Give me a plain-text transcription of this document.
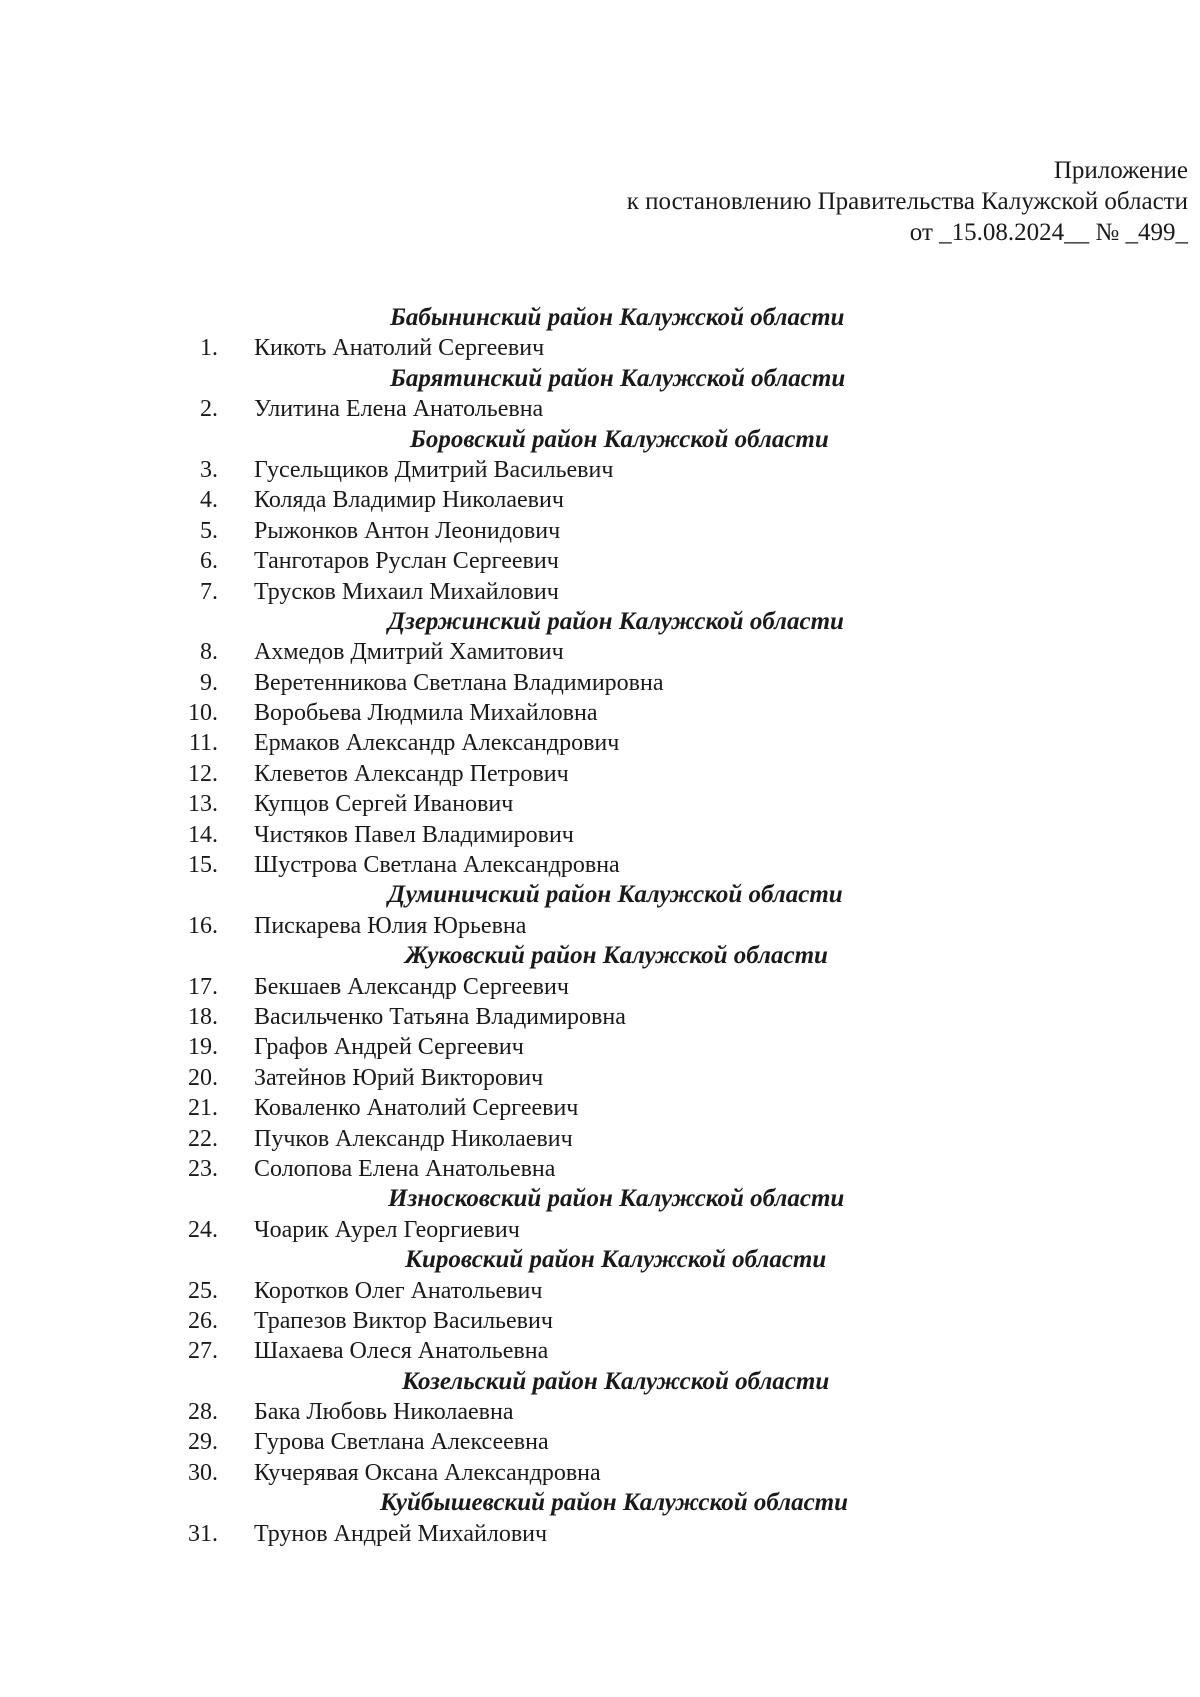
Приложение
к постановлению Правительства Калужской области
от _15.08.2024__ № _499_
Бабынинский район Калужской области
1. Кикоть Анатолий Сергеевич
Барятинский район Калужской области
2. Улитина Елена Анатольевна
Боровский район Калужской области
3. Гусельщиков Дмитрий Васильевич
4. Коляда Владимир Николаевич
5. Рыжонков Антон Леонидович
6. Танготаров Руслан Сергеевич
7. Трусков Михаил Михайлович
Дзержинский район Калужской области
8. Ахмедов Дмитрий Хамитович
9. Веретенникова Светлана Владимировна
10. Воробьева Людмила Михайловна
11. Ермаков Александр Александрович
12. Клеветов Александр Петрович
13. Купцов Сергей Иванович
14. Чистяков Павел Владимирович
15. Шустрова Светлана Александровна
Думиничский район Калужской области
16. Пискарева Юлия Юрьевна
Жуковский район Калужской области
17. Бекшаев Александр Сергеевич
18. Васильченко Татьяна Владимировна
19. Графов Андрей Сергеевич
20. Затейнов Юрий Викторович
21. Коваленко Анатолий Сергеевич
22. Пучков Александр Николаевич
23. Солопова Елена Анатольевна
Износковский район Калужской области
24. Чоарик Аурел Георгиевич
Кировский район Калужской области
25. Коротков Олег Анатольевич
26. Трапезов Виктор Васильевич
27. Шахаева Олеся Анатольевна
Козельский район Калужской области
28. Бака Любовь Николаевна
29. Гурова Светлана Алексеевна
30. Кучерявая Оксана Александровна
Куйбышевский район Калужской области
31. Трунов Андрей Михайлович
